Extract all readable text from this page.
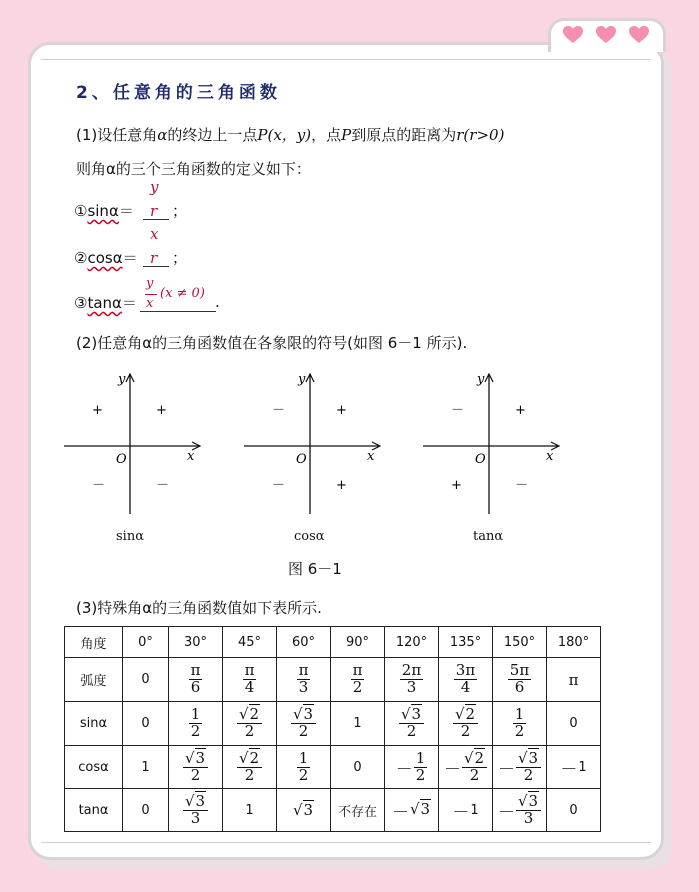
2、任意角的三角函数
(1)设任意角α的终边上一点P(x，y)，点P到原点的距离为r(r>0)
则角α的三个三角函数的定义如下：
①sinα＝
y
r ；
②cosα＝
x
r ；
③tanα＝
y
x
(x ≠ 0) .
(2)任意角α的三角函数值在各象限的符号(如图 6－1 所示).
y
x
O
+
+
－	－
y
x
O
+
－
－	+
y
x
O
+
－
+	－
sinα	cosα	tanα
图 6－1
(3)特殊角α的三角函数值如下表所示.
角度	0°	30°	45°	60°	90°	120°	135°	150°	180°
弧度	0	$\frac{\pi}{6}$	$\frac{\pi}{4}$	$\frac{\pi}{3}$	$\frac{\pi}{2}$	$\frac{2\pi}{3}$	$\frac{3\pi}{4}$	$\frac{5\pi}{6}$	π
sinα	0	$\frac{1}{2}$	$\frac{√2}{2}$	$\frac{√3}{2}$	1	$\frac{√3}{2}$	$\frac{√2}{2}$	$\frac{1}{2}$	0
cosα	1	$\frac{√3}{2}$	$\frac{√2}{2}$	$\frac{1}{2}$	0	－ $\frac{1}{2}$	－ $\frac{√2}{2}$	－ $\frac{√3}{2}$	－1
tanα	0	$\frac{√3}{3}$	1	√3	不存在	－√3	－1	－ $\frac{√3}{3}$	0
